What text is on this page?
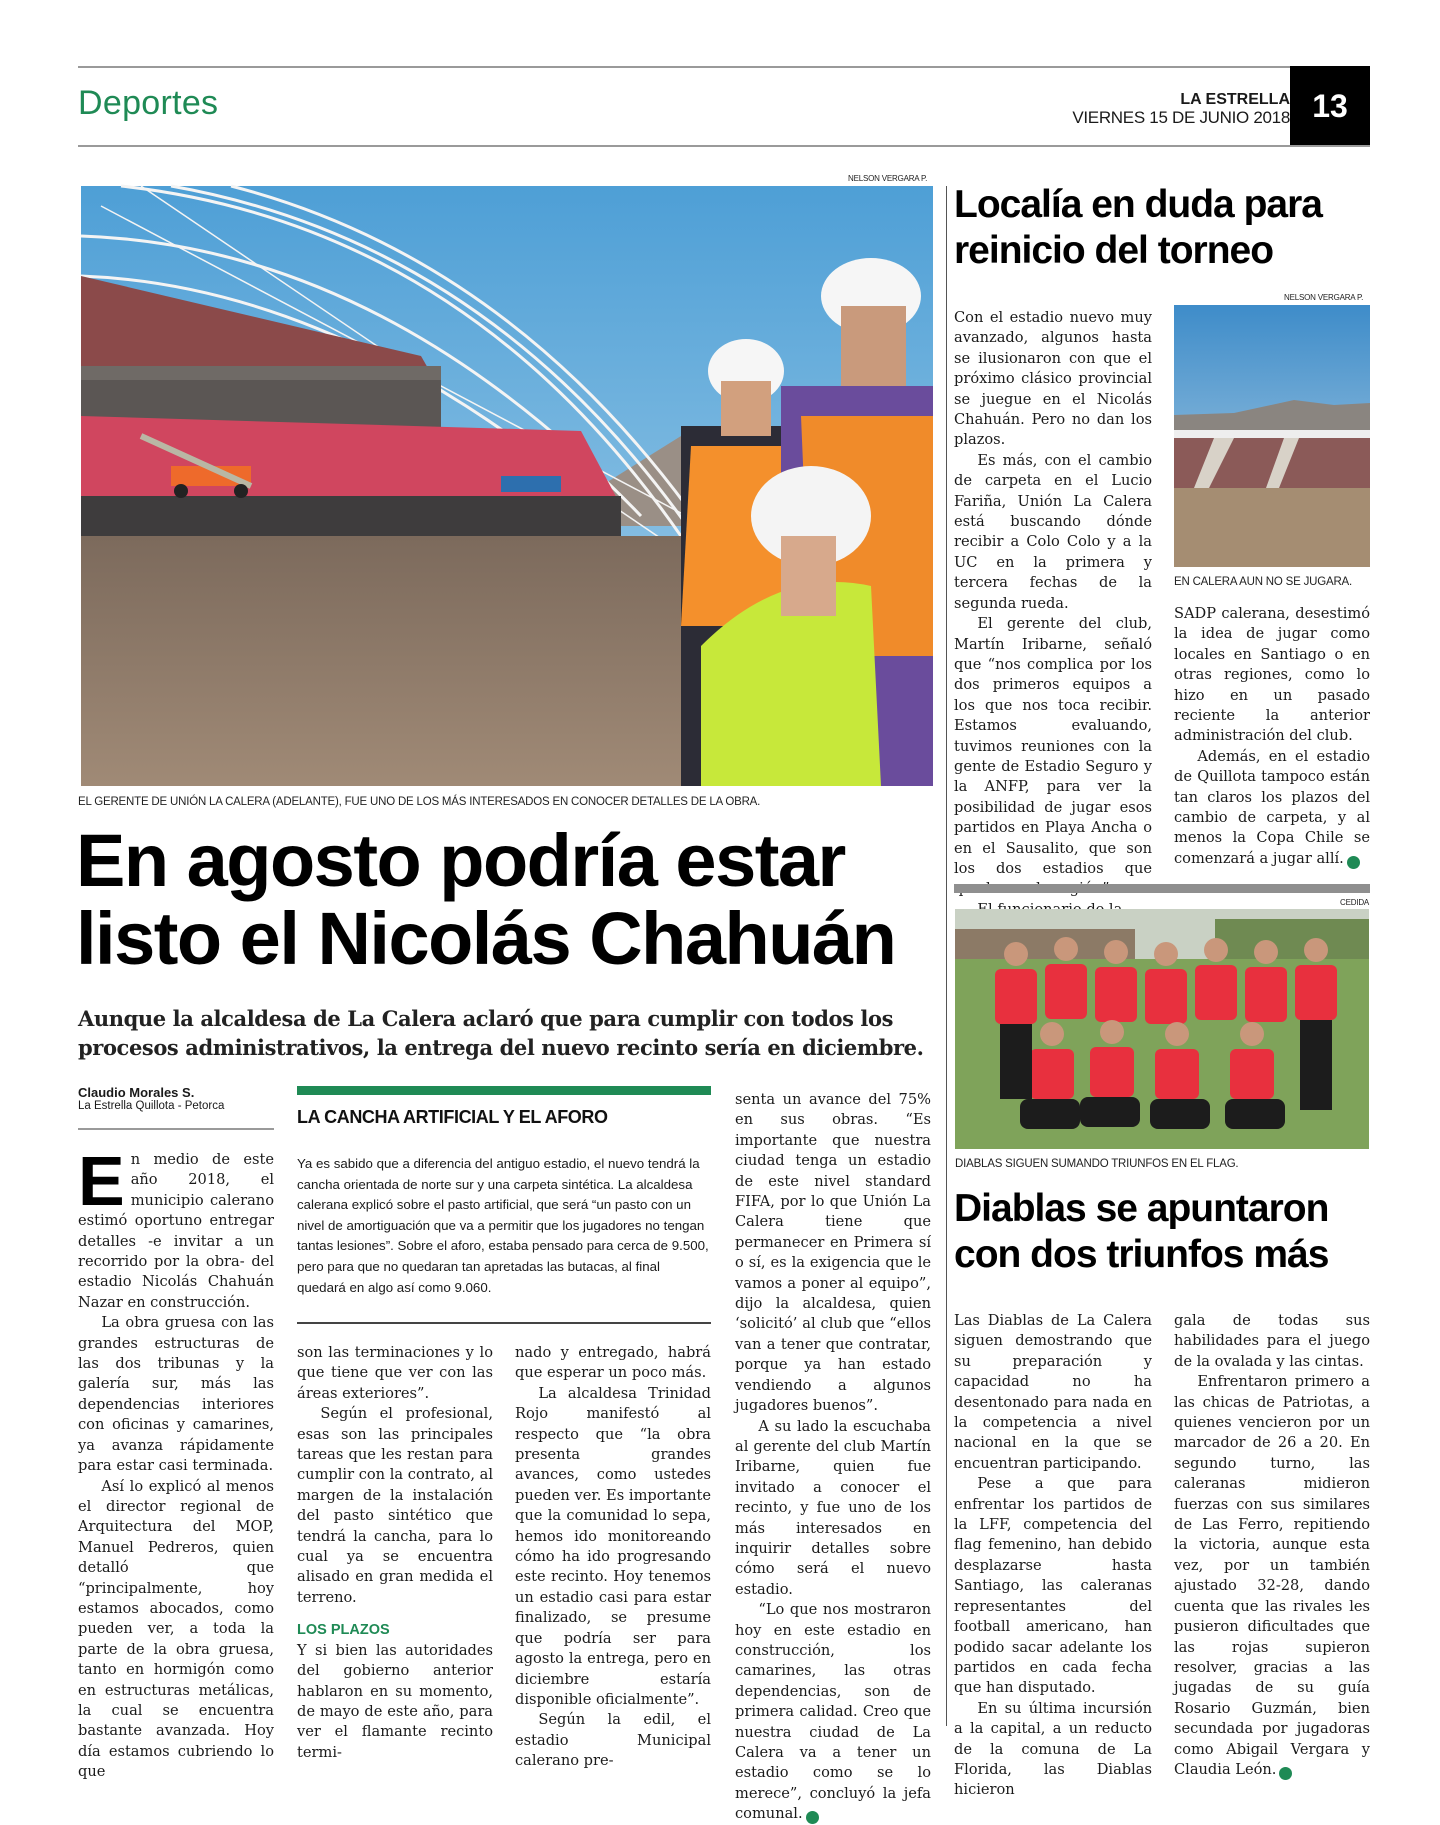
Deportes	LA ESTRELLA
VIERNES 15 DE JUNIO 2018 13
NELSON VERGARA P.
EL GERENTE DE UNIÓN LA CALERA (ADELANTE), FUE UNO DE LOS MÁS INTERESADOS EN CONOCER DETALLES DE LA OBRA.
En agosto podría estar
listo el Nicolás Chahuán
Aunque la alcaldesa de La Calera aclaró que para cumplir con todos los
procesos administrativos, la entrega del nuevo recinto sería en diciembre.
Claudio Morales S.
La Estrella Quillota - Petorca

En medio de este año 2018, el municipio calerano estimó oportuno entregar detalles -e invitar a un recorrido por la obra- del estadio Nicolás Chahuán Nazar en construcción.

La obra gruesa con las grandes estructuras de las dos tribunas y la galería sur, más las dependencias interiores con oficinas y camarines, ya avanza rápidamente para estar casi terminada.

Así lo explicó al menos el director regional de Arquitectura del MOP, Manuel Pedreros, quien detalló que “principalmente, hoy estamos abocados, como pueden ver, a toda la parte de la obra gruesa, tanto en hormigón como en estructuras metálicas, la cual se encuentra bastante avanzada. Hoy día estamos cubriendo lo que

LA CANCHA ARTIFICIAL Y EL AFORO
Ya es sabido que a diferencia del antiguo estadio, el nuevo tendrá la cancha orientada de norte sur y una carpeta sintética. La alcaldesa calerana explicó sobre el pasto artificial, que será “un pasto con un nivel de amortiguación que va a permitir que los jugadores no tengan tantas lesiones”. Sobre el aforo, estaba pensado para cerca de 9.500, pero para que no quedaran tan apretadas las butacas, al final quedará en algo así como 9.060.

son las terminaciones y lo que tiene que ver con las áreas exteriores”.

Según el profesional, esas son las principales tareas que les restan para cumplir con la contrato, al margen de la instalación del pasto sintético que tendrá la cancha, para lo cual ya se encuentra alisado en gran medida el terreno.

LOS PLAZOS

Y si bien las autoridades del gobierno anterior hablaron en su momento, de mayo de este año, para ver el flamante recinto termi-

nado y entregado, habrá que esperar un poco más.

La alcaldesa Trinidad Rojo manifestó al respecto que “la obra presenta grandes avances, como ustedes pueden ver. Es importante que la comunidad lo sepa, hemos ido monitoreando cómo ha ido progresando este recinto. Hoy tenemos un estadio casi para estar finalizado, se presume que podría ser para agosto la entrega, pero en diciembre estaría disponible oficialmente”.

Según la edil, el estadio Municipal calerano pre-

senta un avance del 75% en sus obras. “Es importante que nuestra ciudad tenga un estadio de este nivel standard FIFA, por lo que Unión La Calera tiene que permanecer en Primera sí o sí, es la exigencia que le vamos a poner al equipo”, dijo la alcaldesa, quien ‘solicitó’ al club que “ellos van a tener que contratar, porque ya han estado vendiendo a algunos jugadores buenos”.

A su lado la escuchaba al gerente del club Martín Iribarne, quien fue invitado a conocer el recinto, y fue uno de los más interesados en inquirir detalles sobre cómo será el nuevo estadio.

“Lo que nos mostraron hoy en este estadio en construcción, los camarines, las otras dependencias, son de primera calidad. Creo que nuestra ciudad de La Calera va a tener un estadio como se lo merece”, concluyó la jefa comunal.	✪

Localía en duda para
reinicio del torneo
NELSON VERGARA P.
EN CALERA AUN NO SE JUGARA.

Con el estadio nuevo muy avanzado, algunos hasta se ilusionaron con que el próximo clásico provincial se juegue en el Nicolás Chahuán. Pero no dan los plazos.

Es más, con el cambio de carpeta en el Lucio Fariña, Unión La Calera está buscando dónde recibir a Colo Colo y a la UC en la primera y tercera fechas de la segunda rueda.

El gerente del club, Martín Iribarne, señaló que “nos complica por los dos primeros equipos a los que nos toca recibir. Estamos evaluando, tuvimos reuniones con la gente de Estadio Seguro y la ANFP, para ver la posibilidad de jugar esos partidos en Playa Ancha o en el Sausalito, que son los dos estadios que

SADP calerana, desestimó la idea de jugar como locales en Santiago o en otras regiones, como lo hizo en un pasado reciente la anterior administración del club.

Además, en el estadio de Quillota tampoco están tan claros los plazos del cambio de carpeta, y al menos la Copa Chile se comenzará a jugar allí.	✪

CEDIDA
DIABLAS SIGUEN SUMANDO TRIUNFOS EN EL FLAG.
Diablas se apuntaron
con dos triunfos más

Las Diablas de La Calera siguen demostrando que su preparación y capacidad no ha desentonado para nada en la competencia a nivel nacional en la que se encuentran participando.

Pese a que para enfrentar los partidos de la LFF, competencia del flag femenino, han debido desplazarse hasta Santiago, las caleranas representantes del football americano, han podido sacar adelante los partidos en cada fecha que han disputado.

En su última incursión a la capital, a un reducto de la comuna de La Florida, las Diablas hicieron

gala de todas sus habilidades para el juego de la ovalada y las cintas.

Enfrentaron primero a las chicas de Patriotas, a quienes vencieron por un marcador de 26 a 20. En segundo turno, las caleranas midieron fuerzas con sus similares de Las Ferro, repitiendo la victoria, aunque esta vez, por un también ajustado 32-28, dando cuenta que las rivales les pusieron dificultades que las rojas supieron resolver, gracias a las jugadas de su guía Rosario Guzmán, bien secundada por jugadoras como Abigail Vergara y Claudia León.	✪
